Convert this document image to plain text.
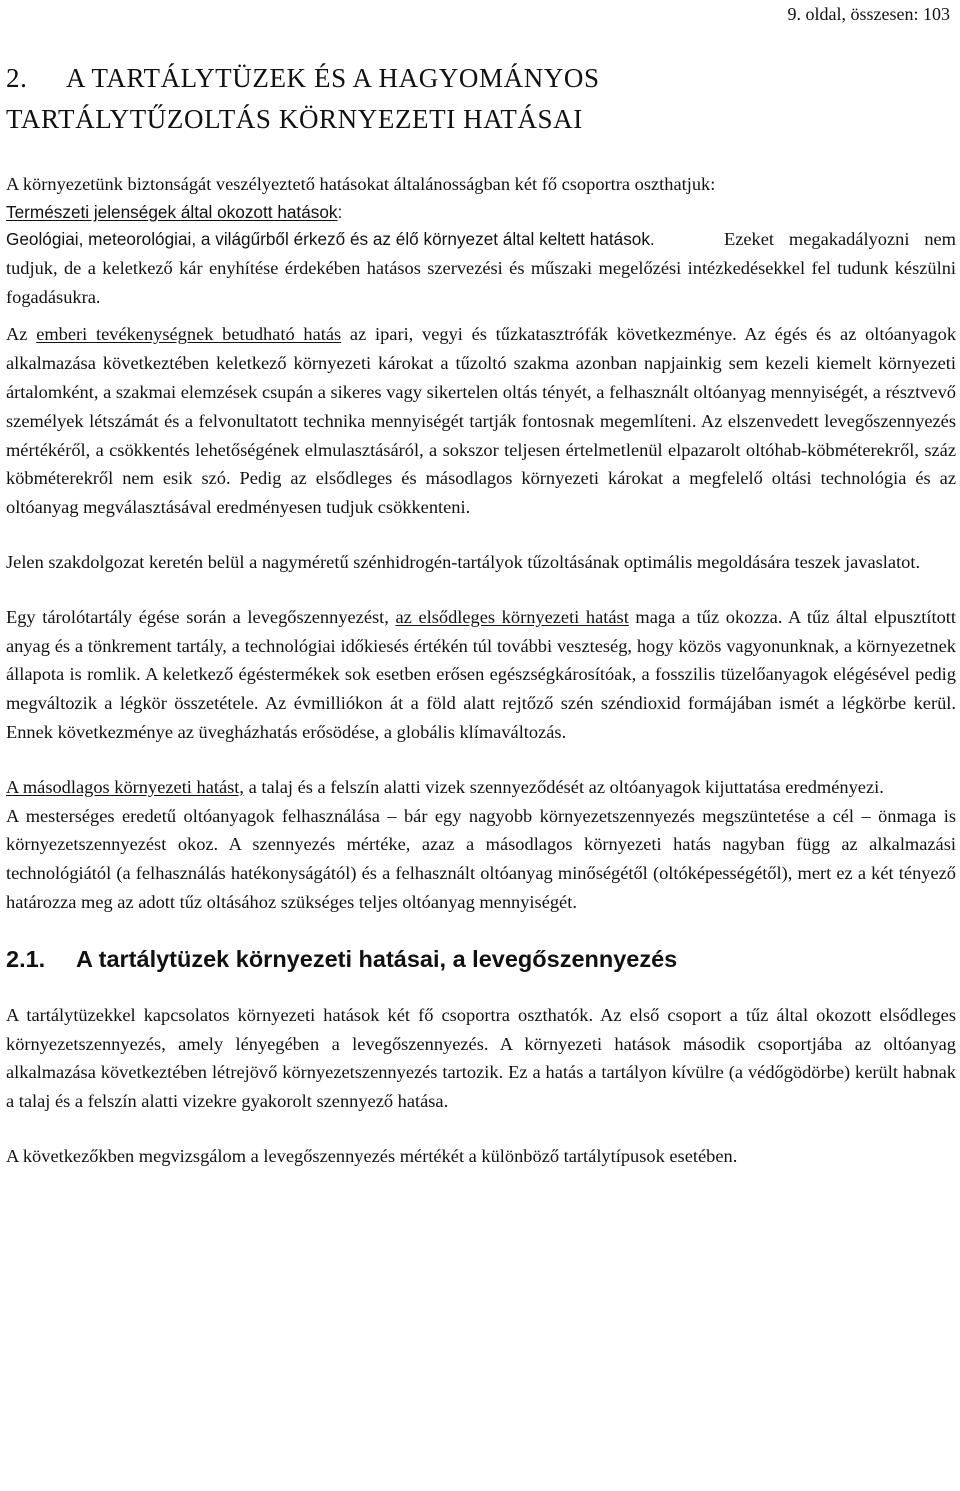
9. oldal, összesen: 103
2. A TARTÁLYTÜZEK ÉS A HAGYOMÁNYOS
TARTÁLYTŰZOLTÁS KÖRNYEZETI HATÁSAI

A környezetünk biztonságát veszélyeztető hatásokat általánosságban két fő csoportra oszthatjuk:

Természeti jelenségek által okozott hatások:
Geológiai, meteorológiai, a világűrből érkező és az élő környezet által keltett hatások.	Ezeket megakadályozni nem tudjuk, de a keletkező kár enyhítése érdekében hatásos szervezési és műszaki megelőzési intézkedésekkel fel tudunk készülni fogadásukra.

Az emberi tevékenységnek betudható hatás az ipari, vegyi és tűzkatasztrófák következménye. Az égés és az oltóanyagok alkalmazása következtében keletkező környezeti károkat a tűzoltó szakma azonban napjainkig sem kezeli kiemelt környezeti ártalomként, a szakmai elemzések csupán a sikeres vagy sikertelen oltás tényét, a felhasznált oltóanyag mennyiségét, a résztvevő személyek létszámát és a felvonultatott technika mennyiségét tartják fontosnak megemlíteni. Az elszenvedett levegőszennyezés mértékéről, a csökkentés lehetőségének elmulasztásáról, a sokszor teljesen értelmetlenül elpazarolt oltóhab-köbméterekről, száz köbméterekről nem esik szó. Pedig az elsődleges és másodlagos környezeti károkat a megfelelő oltási technológia és az oltóanyag megválasztásával eredményesen tudjuk csökkenteni.

Jelen szakdolgozat keretén belül a nagyméretű szénhidrogén-tartályok tűzoltásának optimális megoldására teszek javaslatot.

Egy tárolótartály égése során a levegőszennyezést, az elsődleges környezeti hatást maga a tűz okozza. A tűz által elpusztított anyag és a tönkrement tartály, a technológiai időkiesés értékén túl további veszteség, hogy közös vagyonunknak, a környezetnek állapota is romlik. A keletkező égéstermékek sok esetben erősen egészségkárosítóak, a fosszilis tüzelőanyagok elégésével pedig megváltozik a légkör összetétele. Az évmilliókon át a föld alatt rejtőző szén széndioxid formájában ismét a légkörbe kerül. Ennek következménye az üvegházhatás erősödése, a globális klímaváltozás.

A másodlagos környezeti hatást, a talaj és a felszín alatti vizek szennyeződését az oltóanyagok kijuttatása eredményezi.

A mesterséges eredetű oltóanyagok felhasználása – bár egy nagyobb környezetszennyezés megszüntetése a cél – önmaga is környezetszennyezést okoz. A szennyezés mértéke, azaz a másodlagos környezeti hatás nagyban függ az alkalmazási technológiától (a felhasználás hatékonyságától) és a felhasznált oltóanyag minőségétől (oltóképességétől), mert ez a két tényező határozza meg az adott tűz oltásához szükséges teljes oltóanyag mennyiségét.

2.1. A tartálytüzek környezeti hatásai, a levegőszennyezés

A tartálytüzekkel kapcsolatos környezeti hatások két fő csoportra oszthatók. Az első csoport a tűz által okozott elsődleges környezetszennyezés, amely lényegében a levegőszennyezés. A környezeti hatások második csoportjába az oltóanyag alkalmazása következtében létrejövő környezetszennyezés tartozik. Ez a hatás a tartályon kívülre (a védőgödörbe) került habnak a talaj és a felszín alatti vizekre gyakorolt szennyező hatása.

A következőkben megvizsgálom a levegőszennyezés mértékét a különböző tartálytípusok esetében.
